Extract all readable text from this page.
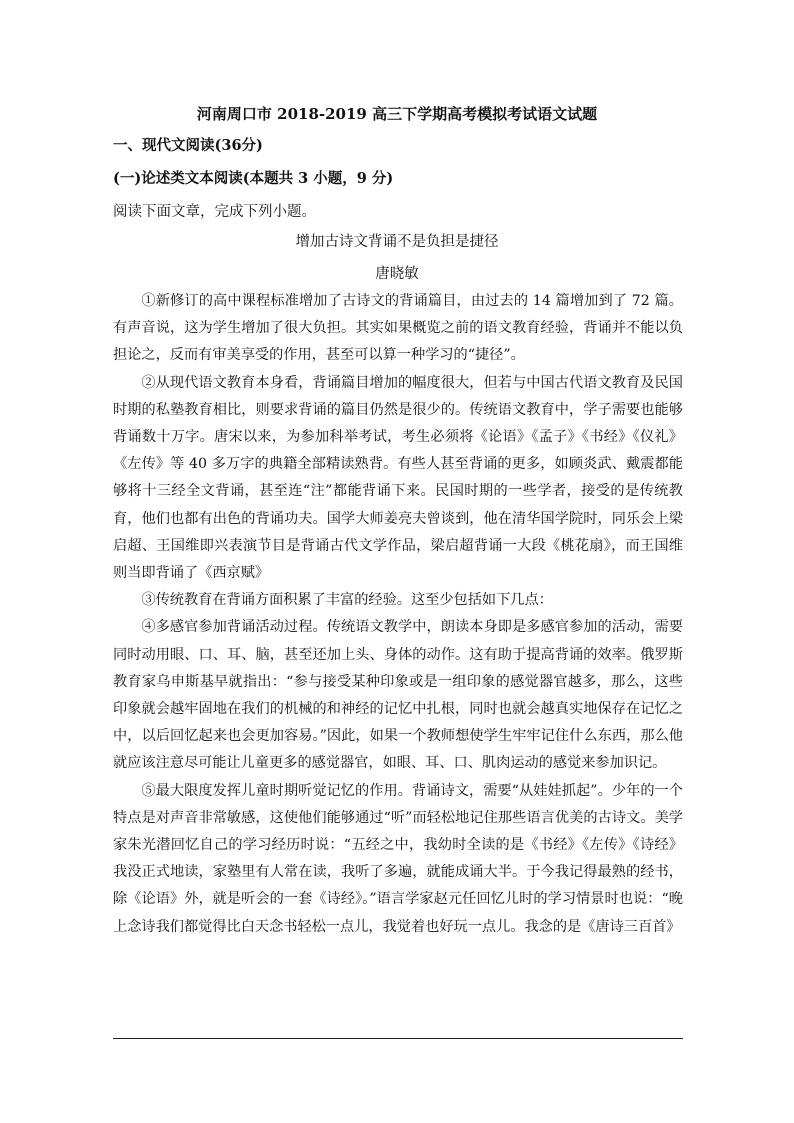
河南周口市 2018-2019 高三下学期高考模拟考试语文试题
一、现代文阅读(36分)
(一)论述类文本阅读(本题共 3 小题，9 分)
阅读下面文章，完成下列小题。
增加古诗文背诵不是负担是捷径
唐晓敏

①新修订的高中课程标准增加了古诗文的背诵篇目，由过去的 14 篇增加到了 72 篇。有声音说，这为学生增加了很大负担。其实如果概览之前的语文教育经验，背诵并不能以负担论之，反而有审美享受的作用，甚至可以算一种学习的“捷径”。

②从现代语文教育本身看，背诵篇目增加的幅度很大，但若与中国古代语文教育及民国时期的私塾教育相比，则要求背诵的篇目仍然是很少的。传统语文教育中，学子需要也能够背诵数十万字。唐宋以来，为参加科举考试，考生必须将《论语》《孟子》《书经》《仪礼》《左传》等 40 多万字的典籍全部精读熟背。有些人甚至背诵的更多，如顾炎武、戴震都能够将十三经全文背诵，甚至连“注”都能背诵下来。民国时期的一些学者，接受的是传统教育，他们也都有出色的背诵功夫。国学大师姜亮夫曾谈到，他在清华国学院时，同乐会上梁启超、王国维即兴表演节目是背诵古代文学作品，梁启超背诵一大段《桃花扇》，而王国维则当即背诵了《西京赋》

③传统教育在背诵方面积累了丰富的经验。这至少包括如下几点：

④多感官参加背诵活动过程。传统语文教学中，朗读本身即是多感官参加的活动，需要同时动用眼、口、耳、脑，甚至还加上头、身体的动作。这有助于提高背诵的效率。俄罗斯教育家乌申斯基早就指出：“参与接受某种印象或是一组印象的感觉器官越多，那么，这些印象就会越牢固地在我们的机械的和神经的记忆中扎根，同时也就会越真实地保存在记忆之中，以后回忆起来也会更加容易。”因此，如果一个教师想使学生牢牢记住什么东西，那么他就应该注意尽可能让儿童更多的感觉器官，如眼、耳、口、肌肉运动的感觉来参加识记。

⑤最大限度发挥儿童时期听觉记忆的作用。背诵诗文，需要“从娃娃抓起”。少年的一个特点是对声音非常敏感，这使他们能够通过“听”而轻松地记住那些语言优美的古诗文。美学家朱光潜回忆自己的学习经历时说：“五经之中，我幼时全读的是《书经》《左传》《诗经》我没正式地读，家塾里有人常在读，我听了多遍，就能成诵大半。于今我记得最熟的经书，除《论语》外，就是听会的一套《诗经》。”语言学家赵元任回忆儿时的学习情景时也说：“晚上念诗我们都觉得比白天念书轻松一点儿，我觉着也好玩一点儿。我念的是《唐诗三百首》
